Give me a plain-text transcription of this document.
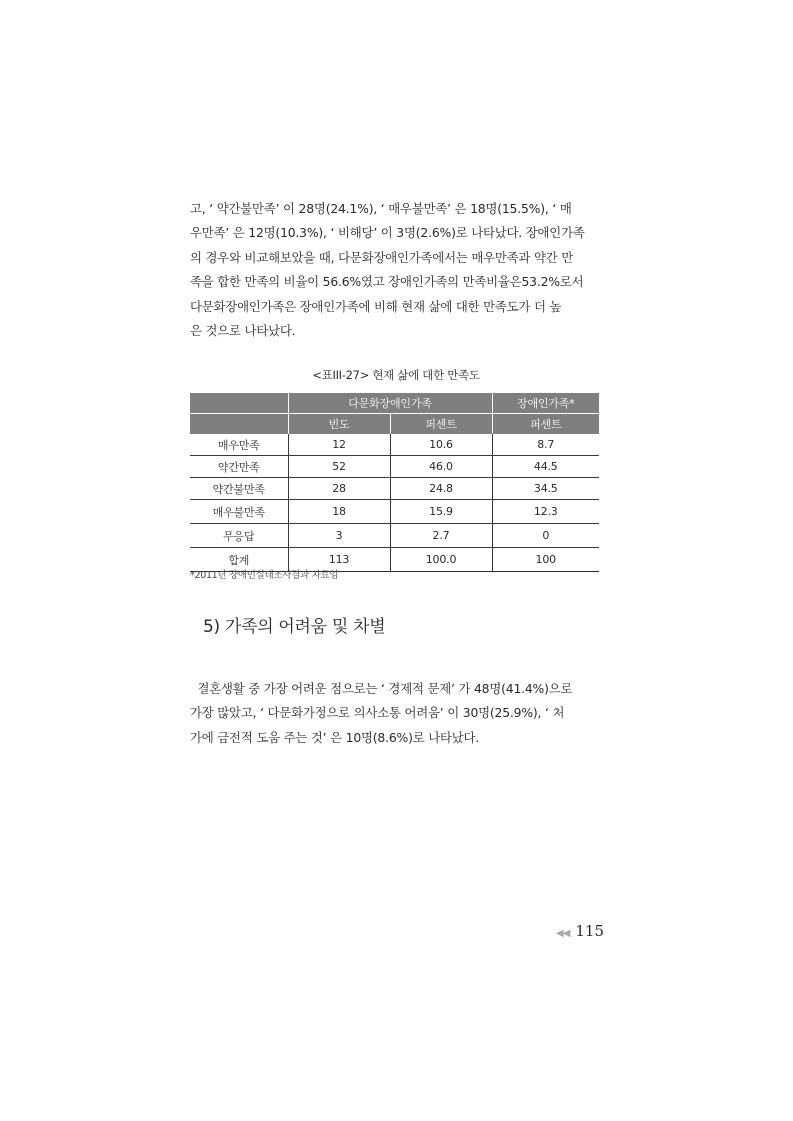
고, ‘ 약간불만족’ 이 28명(24.1%), ‘ 매우불만족’ 은 18명(15.5%), ‘ 매
우만족’ 은 12명(10.3%), ‘ 비해당’ 이 3명(2.6%)로 나타났다. 장애인가족
의 경우와 비교해보았을 때, 다문화장애인가족에서는 매우만족과 약간 만
족을 합한 만족의 비율이 56.6%였고 장애인가족의 만족비율은53.2%로서
다문화장애인가족은 장애인가족에 비해 현재 삶에 대한 만족도가 더 높
은 것으로 나타났다.
<표III-27> 현재 삶에 대한 만족도
	다문화장애인가족		장애인가족*
	빈도	퍼센트	퍼센트
매우만족	12	10.6	8.7
약간만족	52	46.0	44.5
약간불만족	28	24.8	34.5
매우불만족	18	15.9	12.3
무응답	3	2.7	0
합계	113	100.0	100
*2011년 장애인실태조사결과 자료임
5) 가족의 어려움 및 차별
결혼생활 중 가장 어려운 점으로는 ‘ 경제적 문제’ 가 48명(41.4%)으로
가장 많았고, ‘ 다문화가정으로 의사소통 어려움’ 이 30명(25.9%), ‘ 처
가에 금전적 도움 주는 것’ 은 10명(8.6%)로 나타났다.
◀◀ 115
